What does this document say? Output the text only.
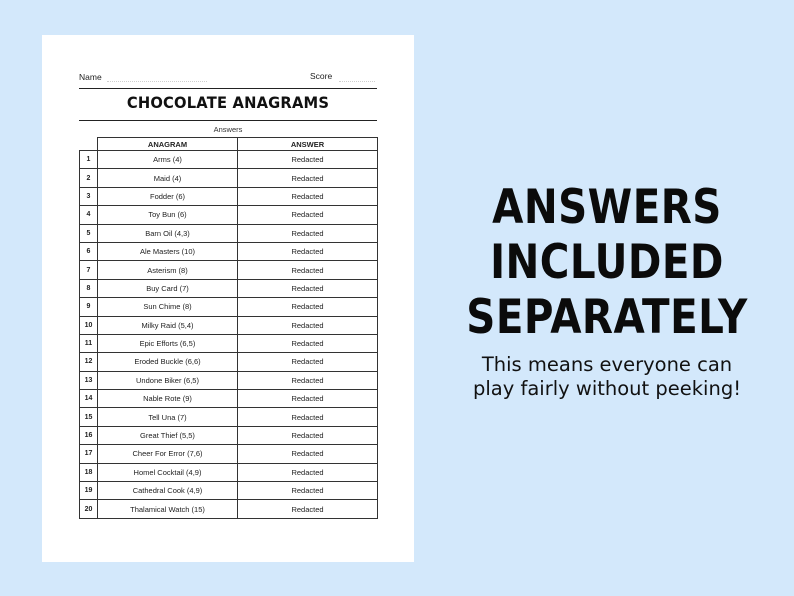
Name	Score
CHOCOLATE ANAGRAMS
Answers
	ANAGRAM	ANSWER
1	Arms (4)	Redacted
2	Maid (4)	Redacted
3	Fodder (6)	Redacted
4	Toy Bun (6)	Redacted
5	Barn Oil (4,3)	Redacted
6	Ale Masters (10)	Redacted
7	Asterism (8)	Redacted
8	Buy Card (7)	Redacted
9	Sun Chime (8)	Redacted
10	Milky Raid (5,4)	Redacted
11	Epic Efforts (6,5)	Redacted
12	Eroded Buckle (6,6)	Redacted
13	Undone Biker (6,5)	Redacted
14	Nable Rote (9)	Redacted
15	Tell Una (7)	Redacted
16	Great Thief (5,5)	Redacted
17	Cheer For Error (7,6)	Redacted
18	Homel Cocktail (4,9)	Redacted
19	Cathedral Cook (4,9)	Redacted
20	Thalamical Watch (15)	Redacted
ANSWERS
INCLUDED
SEPARATELY
This means everyone can
play fairly without peeking!
